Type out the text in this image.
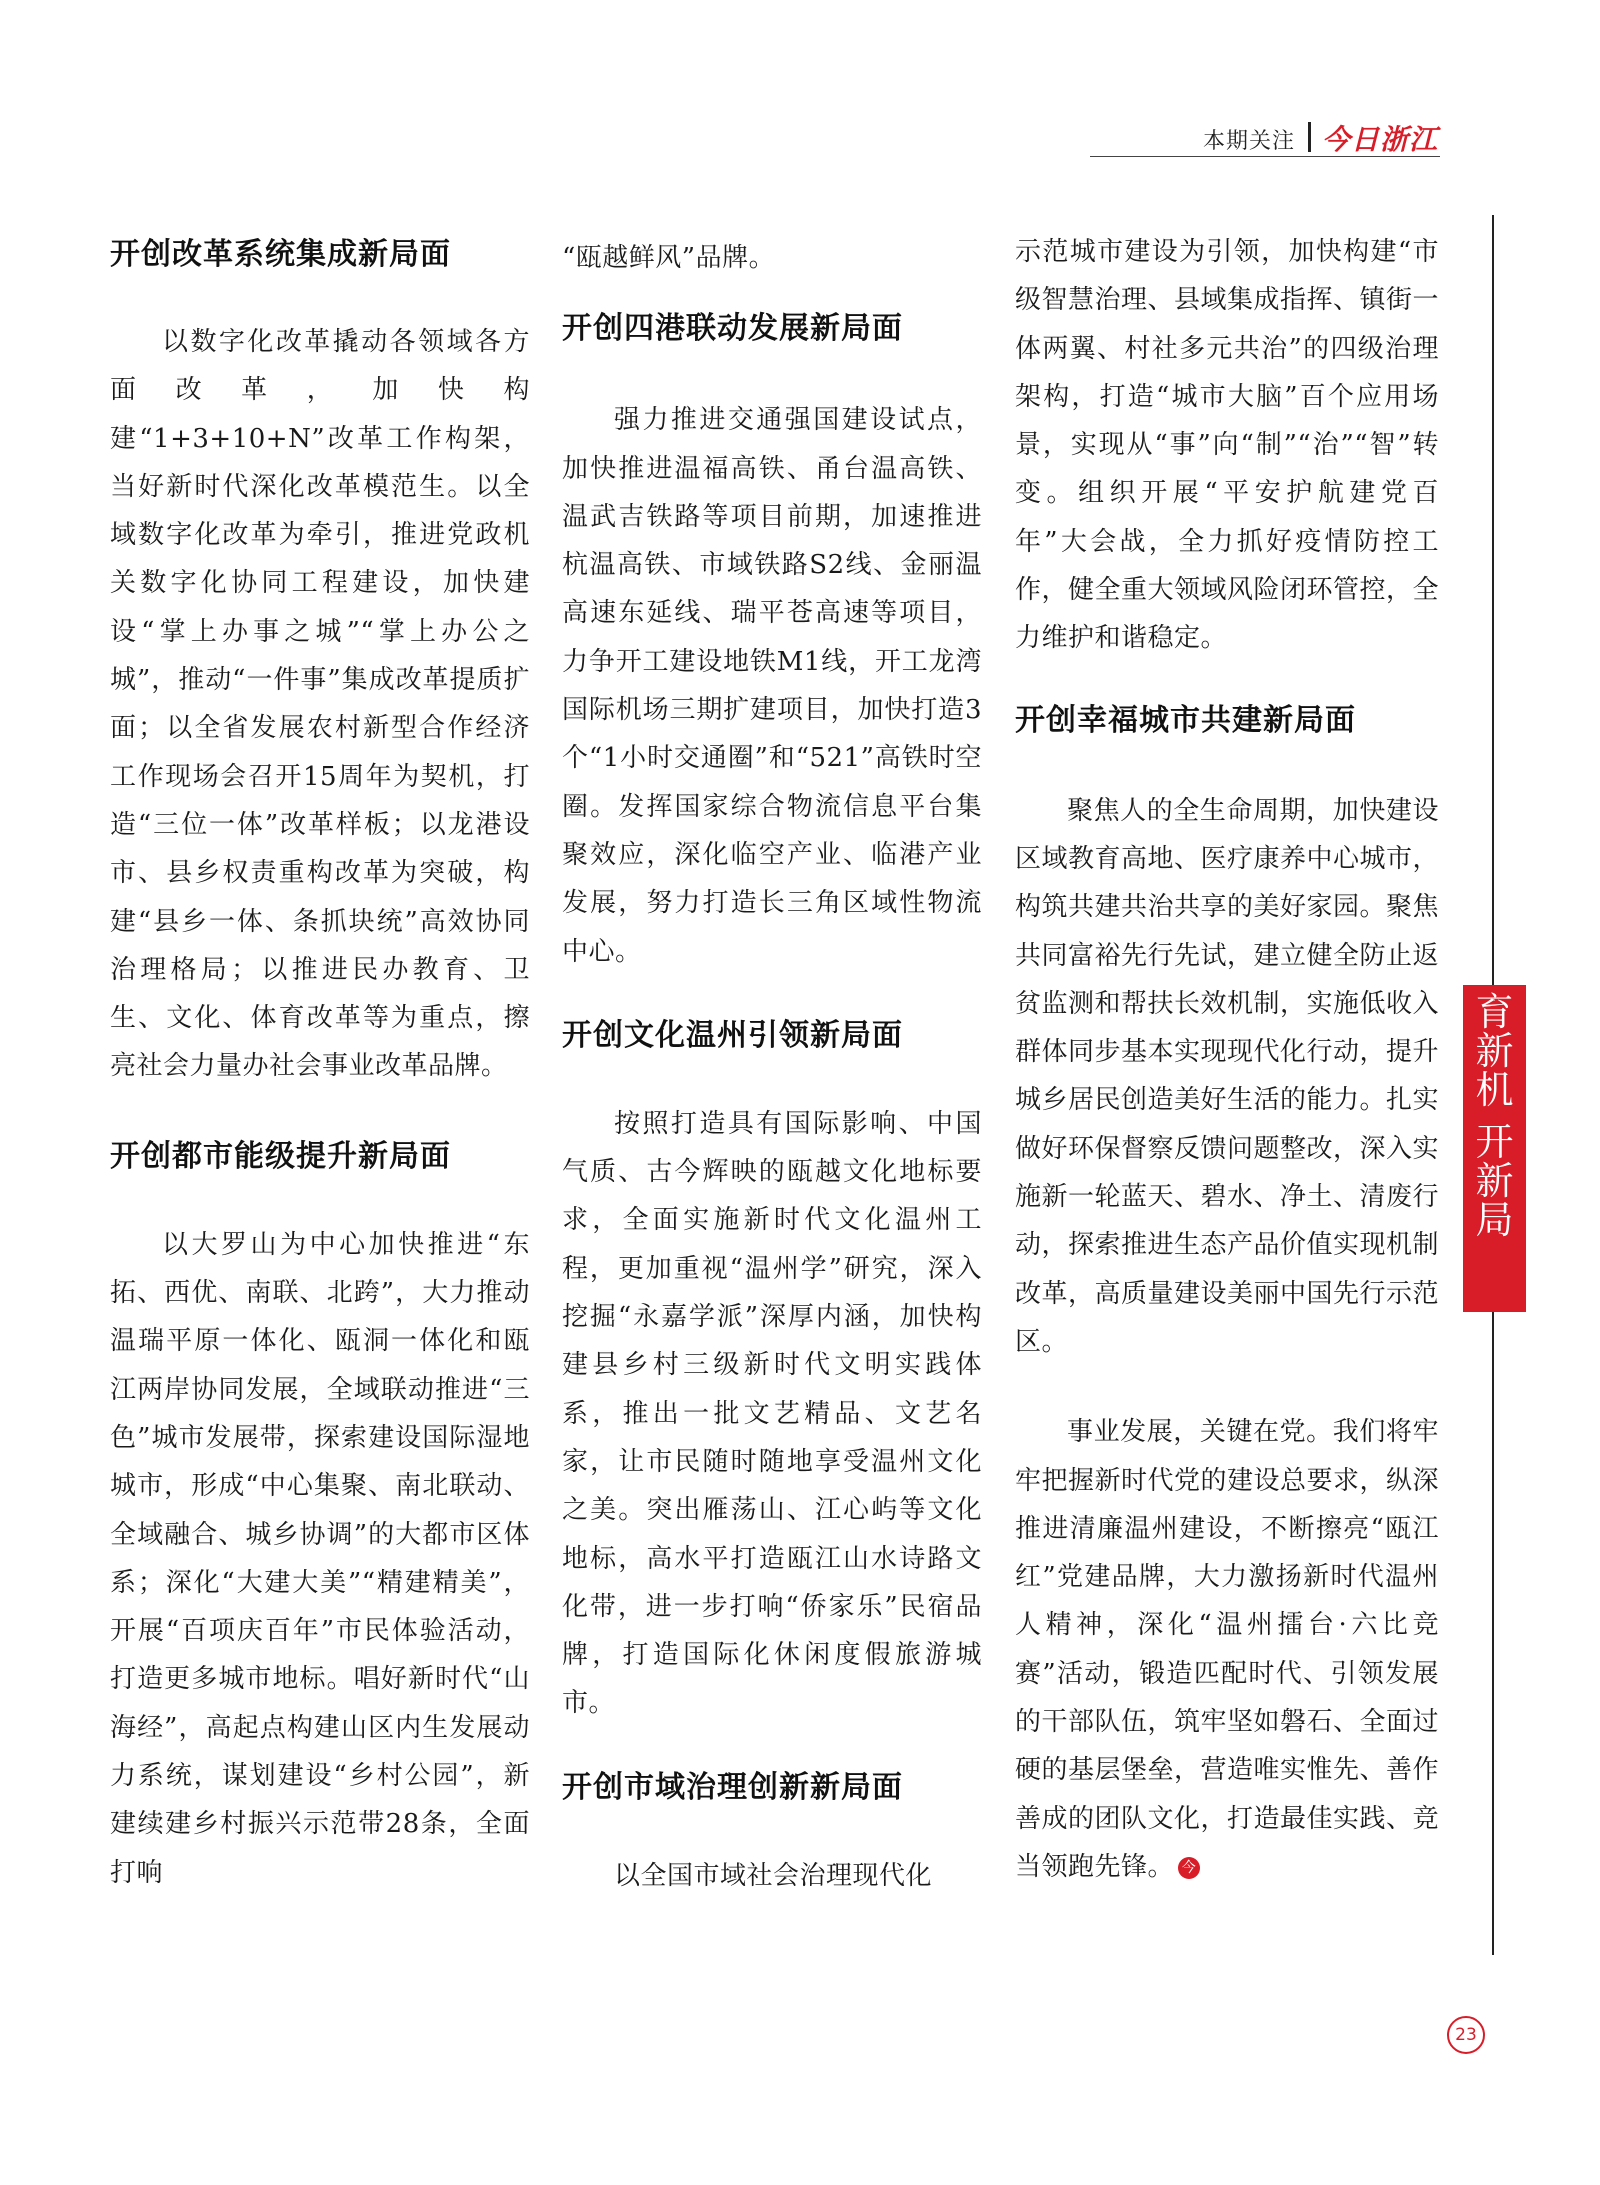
本期关注 今日浙江
开创改革系统集成新局面

以数字化改革撬动各领域各方面改革，加快构建“1+3+10+N”改革工作构架，当好新时代深化改革模范生。以全域数字化改革为牵引，推进党政机关数字化协同工程建设，加快建设“掌上办事之城”“掌上办公之城”，推动“一件事”集成改革提质扩面；以全省发展农村新型合作经济工作现场会召开15周年为契机，打造“三位一体”改革样板；以龙港设市、县乡权责重构改革为突破，构建“县乡一体、条抓块统”高效协同治理格局；以推进民办教育、卫生、文化、体育改革等为重点，擦亮社会力量办社会事业改革品牌。

开创都市能级提升新局面

以大罗山为中心加快推进“东拓、西优、南联、北跨”，大力推动温瑞平原一体化、瓯洞一体化和瓯江两岸协同发展，全域联动推进“三色”城市发展带，探索建设国际湿地城市，形成“中心集聚、南北联动、全域融合、城乡协调”的大都市区体系；深化“大建大美”“精建精美”，开展“百项庆百年”市民体验活动，打造更多城市地标。唱好新时代“山海经”，高起点构建山区内生发展动力系统，谋划建设“乡村公园”，新建续建乡村振兴示范带28条，全面打响

“瓯越鲜风”品牌。

开创四港联动发展新局面

强力推进交通强国建设试点，加快推进温福高铁、甬台温高铁、温武吉铁路等项目前期，加速推进杭温高铁、市域铁路S2线、金丽温高速东延线、瑞平苍高速等项目，力争开工建设地铁M1线，开工龙湾国际机场三期扩建项目，加快打造3个“1小时交通圈”和“521”高铁时空圈。发挥国家综合物流信息平台集聚效应，深化临空产业、临港产业发展，努力打造长三角区域性物流中心。

开创文化温州引领新局面

按照打造具有国际影响、中国气质、古今辉映的瓯越文化地标要求，全面实施新时代文化温州工程，更加重视“温州学”研究，深入挖掘“永嘉学派”深厚内涵，加快构建县乡村三级新时代文明实践体系，推出一批文艺精品、文艺名家，让市民随时随地享受温州文化之美。突出雁荡山、江心屿等文化地标，高水平打造瓯江山水诗路文化带，进一步打响“侨家乐”民宿品牌，打造国际化休闲度假旅游城市。

开创市域治理创新新局面

以全国市域社会治理现代化

示范城市建设为引领，加快构建“市级智慧治理、县域集成指挥、镇街一体两翼、村社多元共治”的四级治理架构，打造“城市大脑”百个应用场景，实现从“事”向“制”“治”“智”转变。组织开展“平安护航建党百年”大会战，全力抓好疫情防控工作，健全重大领域风险闭环管控，全力维护和谐稳定。

开创幸福城市共建新局面

聚焦人的全生命周期，加快建设区域教育高地、医疗康养中心城市，构筑共建共治共享的美好家园。聚焦共同富裕先行先试，建立健全防止返贫监测和帮扶长效机制，实施低收入群体同步基本实现现代化行动，提升城乡居民创造美好生活的能力。扎实做好环保督察反馈问题整改，深入实施新一轮蓝天、碧水、净土、清废行动，探索推进生态产品价值实现机制改革，高质量建设美丽中国先行示范区。

事业发展，关键在党。我们将牢牢把握新时代党的建设总要求，纵深推进清廉温州建设，不断擦亮“瓯江红”党建品牌，大力激扬新时代温州人精神，深化“温州擂台·六比竞赛”活动，锻造匹配时代、引领发展的干部队伍，筑牢坚如磐石、全面过硬的基层堡垒，营造唯实惟先、善作善成的团队文化，打造最佳实践、竞当领跑先锋。 今

育
新
机
开
新
局
23
